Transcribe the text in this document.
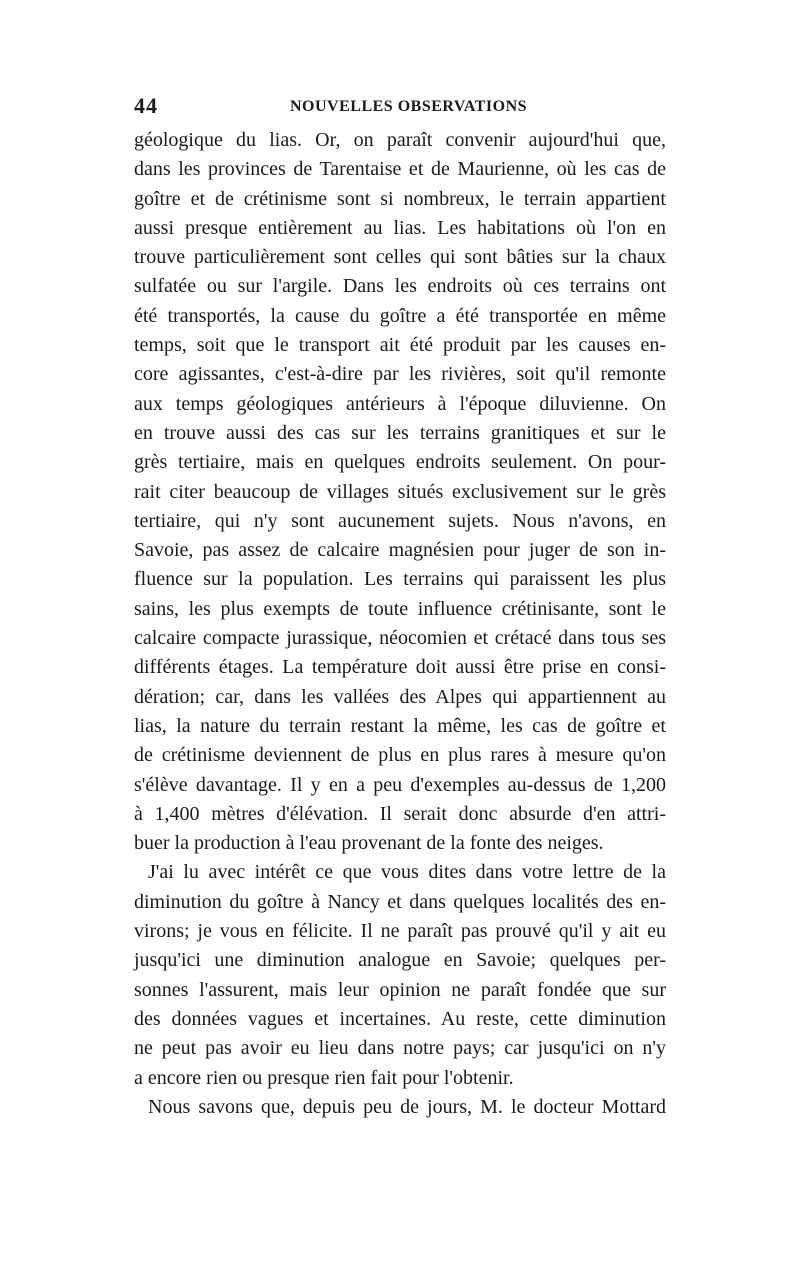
44	NOUVELLES OBSERVATIONS
géologique du lias. Or, on paraît convenir aujourd'hui que,
dans les provinces de Tarentaise et de Maurienne, où les cas de
goître et de crétinisme sont si nombreux, le terrain appartient
aussi presque entièrement au lias. Les habitations où l'on en
trouve particulièrement sont celles qui sont bâties sur la chaux
sulfatée ou sur l'argile. Dans les endroits où ces terrains ont
été transportés, la cause du goître a été transportée en même
temps, soit que le transport ait été produit par les causes en-
core agissantes, c'est-à-dire par les rivières, soit qu'il remonte
aux temps géologiques antérieurs à l'époque diluvienne. On
en trouve aussi des cas sur les terrains granitiques et sur le
grès tertiaire, mais en quelques endroits seulement. On pour-
rait citer beaucoup de villages situés exclusivement sur le grès
tertiaire, qui n'y sont aucunement sujets. Nous n'avons, en
Savoie, pas assez de calcaire magnésien pour juger de son in-
fluence sur la population. Les terrains qui paraissent les plus
sains, les plus exempts de toute influence crétinisante, sont le
calcaire compacte jurassique, néocomien et crétacé dans tous ses
différents étages. La température doit aussi être prise en consi-
dération; car, dans les vallées des Alpes qui appartiennent au
lias, la nature du terrain restant la même, les cas de goître et
de crétinisme deviennent de plus en plus rares à mesure qu'on
s'élève davantage. Il y en a peu d'exemples au-dessus de 1,200
à 1,400 mètres d'élévation. Il serait donc absurde d'en attri-
buer la production à l'eau provenant de la fonte des neiges.
J'ai lu avec intérêt ce que vous dites dans votre lettre de la
diminution du goître à Nancy et dans quelques localités des en-
virons; je vous en félicite. Il ne paraît pas prouvé qu'il y ait eu
jusqu'ici une diminution analogue en Savoie; quelques per-
sonnes l'assurent, mais leur opinion ne paraît fondée que sur
des données vagues et incertaines. Au reste, cette diminution
ne peut pas avoir eu lieu dans notre pays; car jusqu'ici on n'y
a encore rien ou presque rien fait pour l'obtenir.
Nous savons que, depuis peu de jours, M. le docteur Mottard
